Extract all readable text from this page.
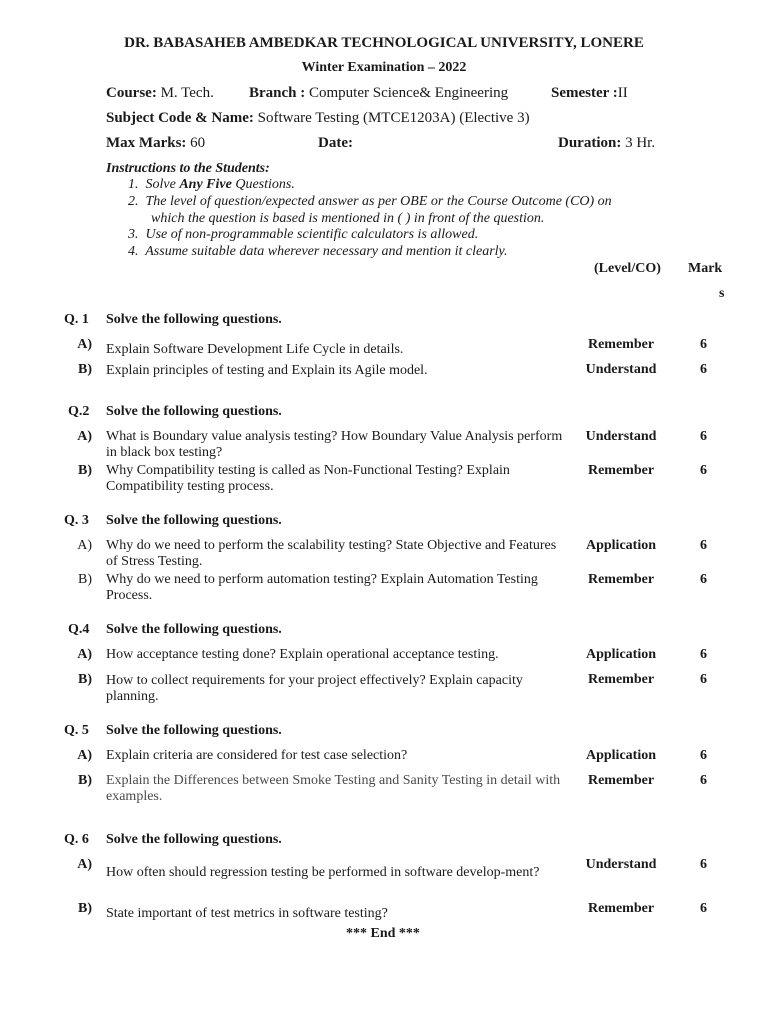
DR. BABASAHEB AMBEDKAR TECHNOLOGICAL UNIVERSITY, LONERE
Winter Examination – 2022
Course: M. Tech. Branch : Computer Science& Engineering	Semester :II
Subject Code & Name: Software Testing (MTCE1203A) (Elective 3)
Max Marks: 60	Date:	Duration: 3 Hr.
Instructions to the Students:
1. Solve Any Five Questions.
2. The level of question/expected answer as per OBE or the Course Outcome (CO) on
which the question is based is mentioned in ( ) in front of the question.
3. Use of non-programmable scientific calculators is allowed.
4. Assume suitable data wherever necessary and mention it clearly.
(Level/CO) Mark
s
Q. 1 Solve the following questions.
A) Explain Software Development Life Cycle in details.	Remember	6
B) Explain principles of testing and Explain its Agile model.	Understand	6
Q.2 Solve the following questions.
A) What is Boundary value analysis testing? How Boundary Value Analysis perform in black box testing?
Understand	6
B) Why Compatibility testing is called as Non-Functional Testing? Explain Compatibility testing process.
Remember	6
Q. 3 Solve the following questions.
A) Why do we need to perform the scalability testing? State Objective and Features of Stress Testing.
Application	6
B) Why do we need to perform automation testing? Explain Automation Testing Process.
Remember	6
Q.4 Solve the following questions.
A) How acceptance testing done? Explain operational acceptance testing.	Application	6
B) How to collect requirements for your project effectively? Explain capacity planning.
Remember	6
Q. 5 Solve the following questions.
A) Explain criteria are considered for test case selection?	Application	6
B) Explain the Differences between Smoke Testing and Sanity Testing in detail with examples.
Remember	6
Q. 6 Solve the following questions.
A)
How often should regression testing be performed in software develop-ment?
Understand	6
B) State important of test metrics in software testing?	Remember	6
*** End ***
